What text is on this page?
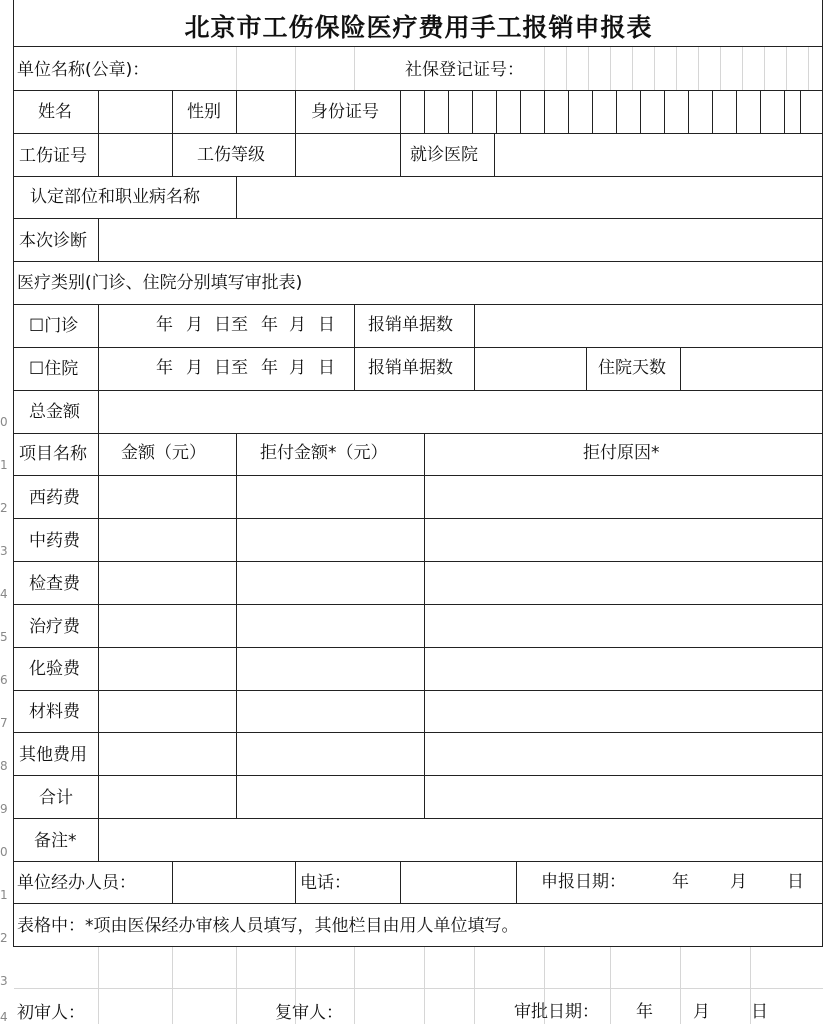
0
1
2
3
4
5
6
7
8
9
0
1
2
3
4
北京市工伤保险医疗费用手工报销申报表
单位名称(公章)：	社保登记证号：
姓名	性别	身份证号
工伤证号	工伤等级	就诊医院
认定部位和职业病名称
本次诊断
医疗类别(门诊、住院分别填写审批表)
☐门诊	年 月 日至 年 月 日 报销单据数
☐住院	年 月 日至 年 月 日 报销单据数	住院天数
总金额
项目名称 金额（元）	拒付金额*（元）	拒付原因*
西药费
中药费
检查费
治疗费
化验费
材料费
其他费用
合计
备注*
单位经办人员：	电话：	申报日期：	年 月 日
表格中：*项由医保经办审核人员填写，其他栏目由用人单位填写。
初审人：	复审人：	审批日期： 年 月 日
